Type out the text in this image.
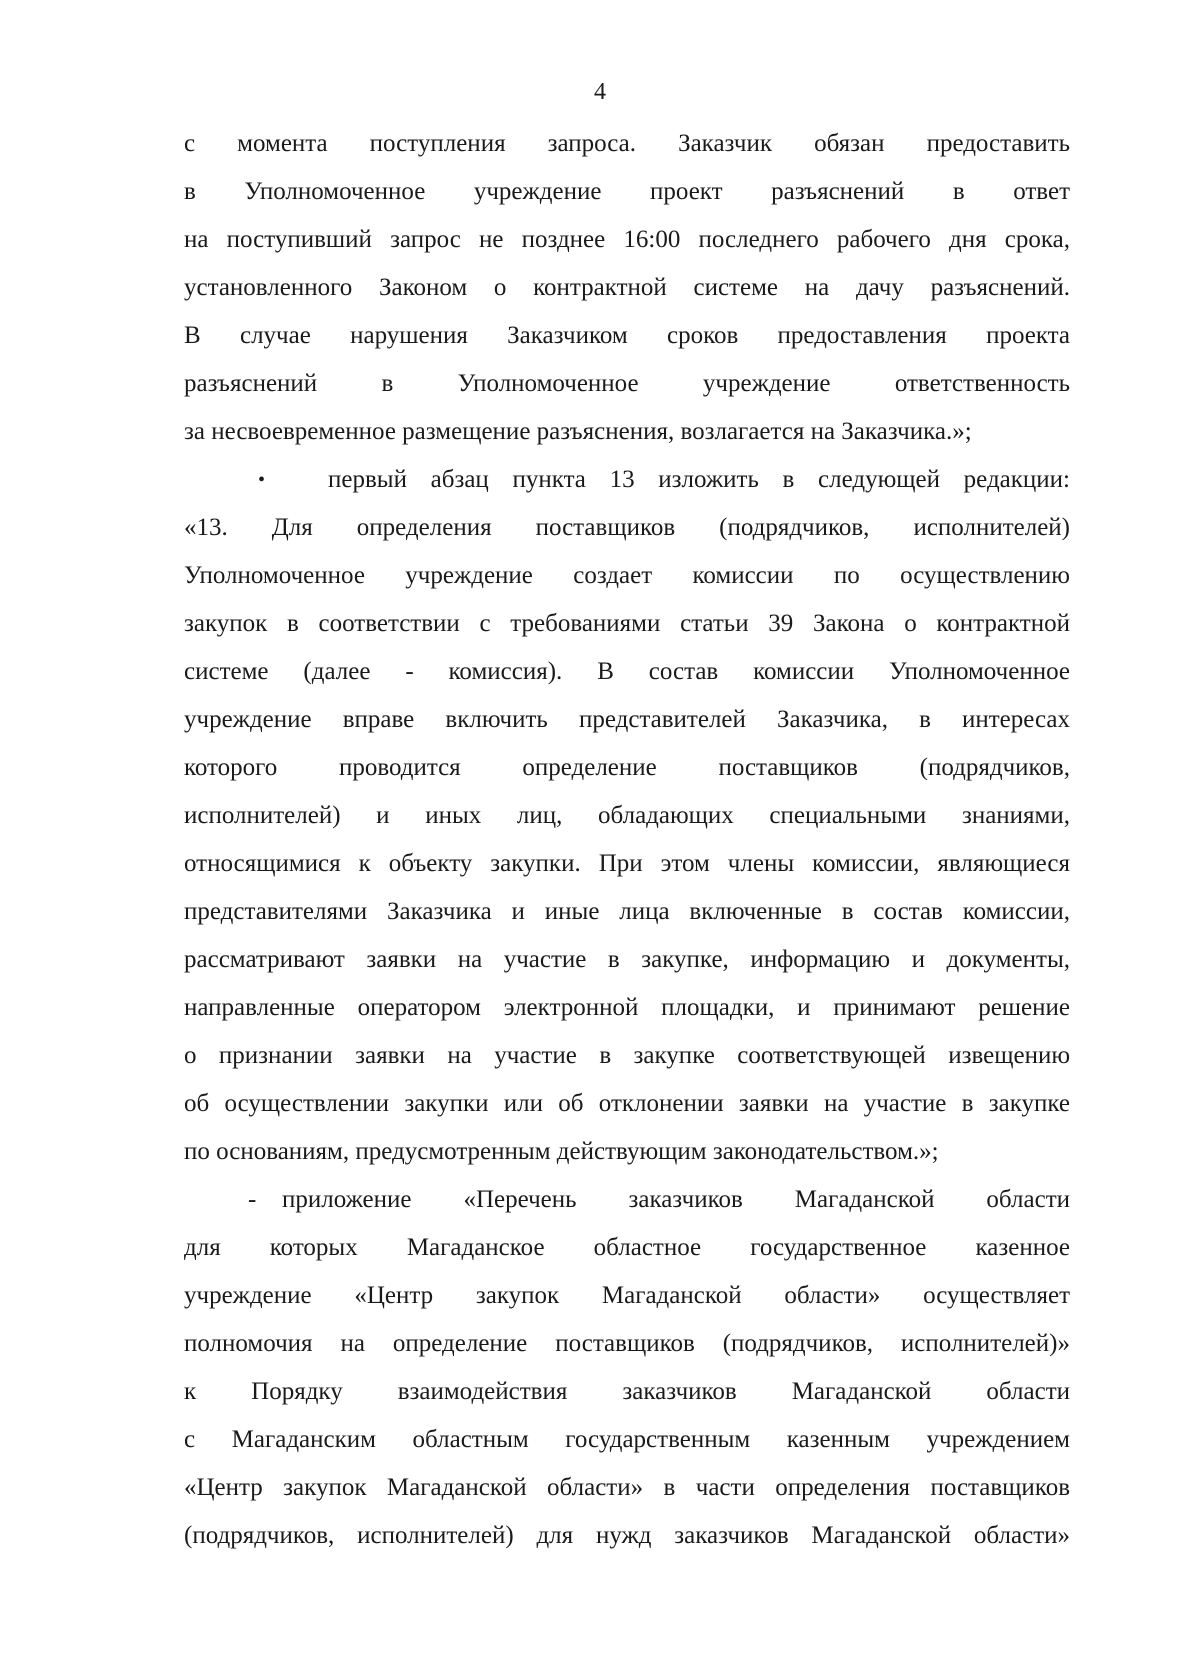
4
с момента поступления запроса. Заказчик обязан предоставить
в Уполномоченное учреждение проект разъяснений в ответ
на поступивший запрос не позднее 16:00 последнего рабочего дня срока,
установленного Законом о контрактной системе на дачу разъяснений.
В случае нарушения Заказчиком сроков предоставления проекта
разъяснений в Уполномоченное учреждение ответственность
за несвоевременное размещение разъяснения, возлагается на Заказчика.»;
•	первый абзац пункта 13 изложить в следующей редакции:
«13. Для определения поставщиков (подрядчиков, исполнителей)
Уполномоченное учреждение создает комиссии по осуществлению
закупок в соответствии с требованиями статьи 39 Закона о контрактной
системе (далее - комиссия). В состав комиссии Уполномоченное
учреждение вправе включить представителей Заказчика, в интересах
которого проводится определение поставщиков (подрядчиков,
исполнителей) и иных лиц, обладающих специальными знаниями,
относящимися к объекту закупки. При этом члены комиссии, являющиеся
представителями Заказчика и иные лица включенные в состав комиссии,
рассматривают заявки на участие в закупке, информацию и документы,
направленные оператором электронной площадки, и принимают решение
о признании заявки на участие в закупке соответствующей извещению
об осуществлении закупки или об отклонении заявки на участие в закупке
по основаниям, предусмотренным действующим законодательством.»;
-	приложение «Перечень заказчиков Магаданской области
для которых Магаданское областное государственное казенное
учреждение «Центр закупок Магаданской области» осуществляет
полномочия на определение поставщиков (подрядчиков, исполнителей)»
к Порядку взаимодействия заказчиков Магаданской области
с Магаданским областным государственным казенным учреждением
«Центр закупок Магаданской области» в части определения поставщиков
(подрядчиков, исполнителей) для нужд заказчиков Магаданской области»
